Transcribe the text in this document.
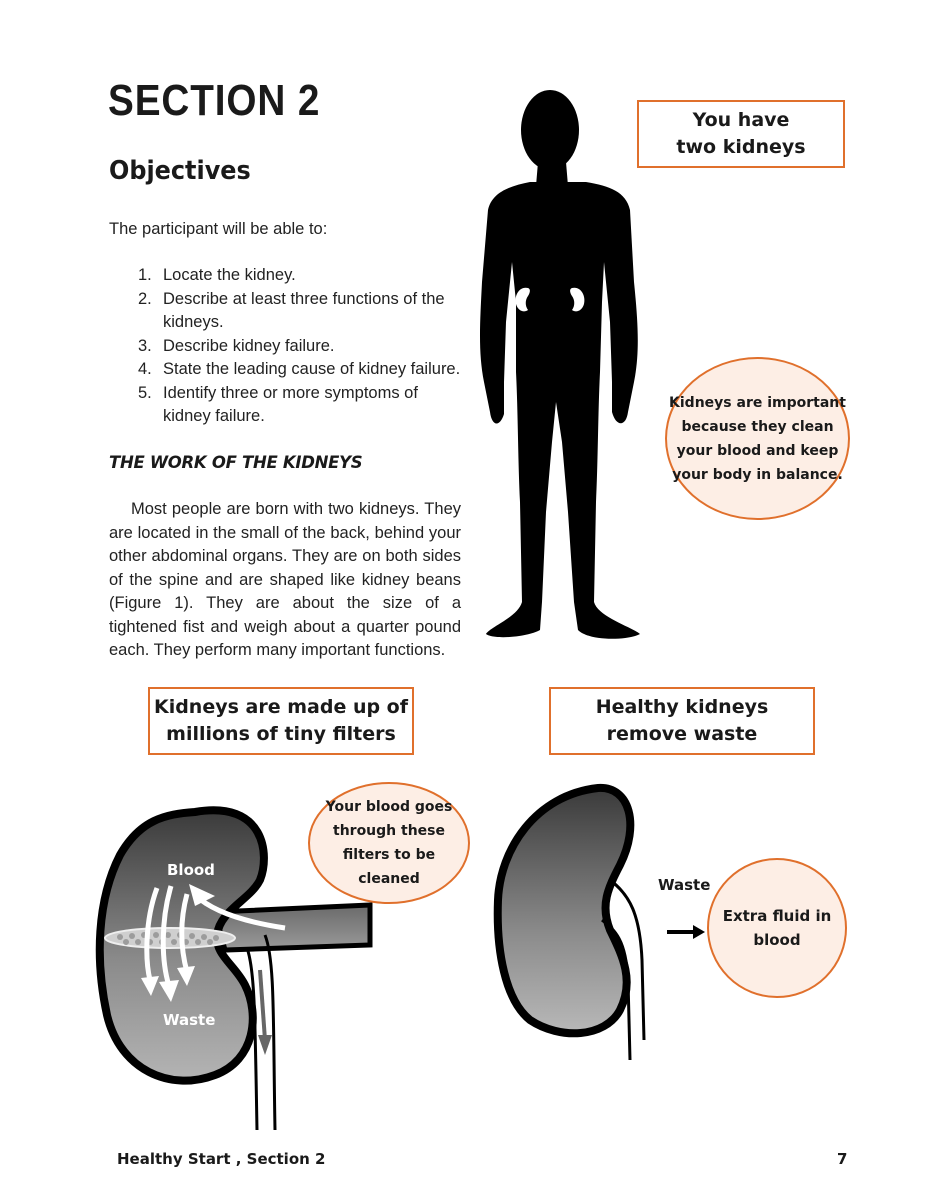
SECTION 2
Objectives
The participant will be able to:
1. Locate the kidney.
2. Describe at least three functions of the kidneys.
3. Describe kidney failure.
4. State the leading cause of kidney failure.
5. Identify three or more symptoms of kidney failure.
THE WORK OF THE KIDNEYS

Most people are born with two kidneys. They are located in the small of the back, behind your other abdominal organs. They are on both sides of the spine and are shaped like kidney beans (Figure 1). They are about the size of a tightened fist and weigh about a quarter pound each. They perform many important functions.

You have
two kidneys
Kidneys are important because they clean your blood and keep your body in balance.
Kidneys are made up of
millions of tiny filters
Healthy kidneys
remove waste
Blood
Waste
Your blood goes through these filters to be cleaned	Waste
Extra fluid in blood
Healthy Start , Section 2	7
